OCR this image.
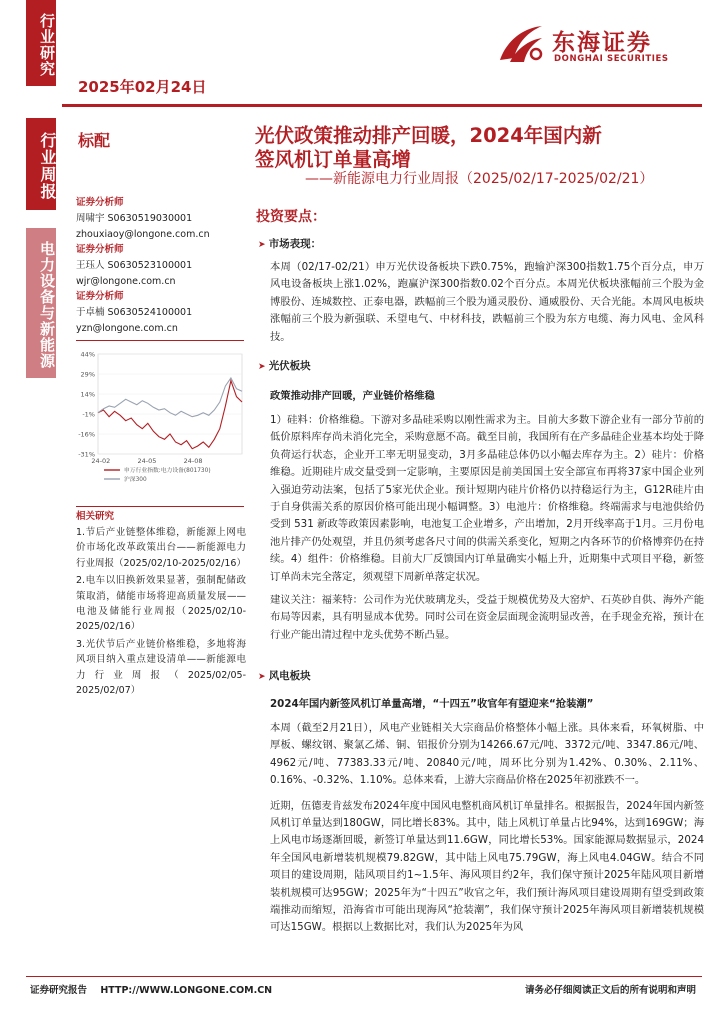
行业研究
行业周报
电力设备与新能源
2025年02月24日
东海证券
DONGHAI SECURITIES
标配	光伏政策推动排产回暖，2024年国内新
签风机订单量高增
——新能源电力行业周报（2025/02/17-2025/02/21）
证券分析师
周啸宇 S0630519030001
zhouxiaoy@longone.com.cn
证券分析师
王珏人 S0630523100001
wjr@longone.com.cn
证券分析师
于卓楠 S0630524100001
yzn@longone.com.cn
44%
29%
14%
-1%
-16%
-31%
24-02	24-05	24-08
申万行业指数:电力设备(801730)
沪深300
相关研究
1.节后产业链整体维稳，新能源上网电价市场化改革政策出台——新能源电力行业周报（2025/02/10-2025/02/16）
2.电车以旧换新效果显著，强制配储政策取消，储能市场将迎高质量发展——电池及储能行业周报（2025/02/10-2025/02/16）
3.光伏节后产业链价格维稳，多地将海风项目纳入重点建设清单——新能源电力行业周报（2025/02/05-2025/02/07）
投资要点：
➤ 市场表现：
本周（02/17-02/21）申万光伏设备板块下跌0.75%，跑输沪深300指数1.75个百分点，申万风电设备板块上涨1.02%，跑赢沪深300指数0.02个百分点。本周光伏板块涨幅前三个股为金博股份、连城数控、正泰电器，跌幅前三个股为通灵股份、通威股份、天合光能。本周风电板块涨幅前三个股为新强联、禾望电气、中材科技，跌幅前三个股为东方电缆、海力风电、金风科技。
➤ 光伏板块
政策推动排产回暖，产业链价格维稳
1）硅料：价格维稳。下游对多晶硅采购以刚性需求为主。目前大多数下游企业有一部分节前的低价原料库存尚未消化完全，采购意愿不高。截至目前，我国所有在产多晶硅企业基本均处于降负荷运行状态，企业开工率无明显变动，3月多晶硅总体仍以小幅去库存为主。2）硅片：价格维稳。近期硅片成交量受到一定影响，主要原因是前美国国土安全部宣布再将37家中国企业列入强迫劳动法案，包括了5家光伏企业。预计短期内硅片价格仍以持稳运行为主，G12R硅片由于自身供需关系的原因价格可能出现小幅调整。3）电池片：价格维稳。终端需求与电池供给仍受到 531 新政等政策因素影响，电池复工企业增多，产出增加，2月开线率高于1月。三月份电池片排产仍处观望，并且仍须考虑各尺寸间的供需关系变化，短期之内各环节的价格博弈仍在持续。4）组件：价格维稳。目前大厂反馈国内订单量确实小幅上升，近期集中式项目平稳，新签订单尚未完全落定，须观望下周新单落定状况。
建议关注：福莱特：公司作为光伏玻璃龙头，受益于规模优势及大窑炉、石英砂自供、海外产能布局等因素，具有明显成本优势。同时公司在资金层面现金流明显改善，在手现金充裕，预计在行业产能出清过程中龙头优势不断凸显。
➤ 风电板块
2024年国内新签风机订单量高增，“十四五”收官年有望迎来“抢装潮”
本周（截至2月21日），风电产业链相关大宗商品价格整体小幅上涨。具体来看，环氧树脂、中厚板、螺纹钢、聚氯乙烯、铜、铝报价分别为14266.67元/吨、3372元/吨、3347.86元/吨、4962元/吨、77383.33元/吨、20840元/吨，周环比分别为1.42%、0.30%、2.11%、0.16%、-0.32%、1.10%。总体来看，上游大宗商品价格在2025年初涨跌不一。
近期，伍德麦肯兹发布2024年度中国风电整机商风机订单量排名。根据报告，2024年国内新签风机订单量达到180GW，同比增长83%。其中，陆上风机订单量占比94%，达到169GW；海上风电市场逐渐回暖，新签订单量达到11.6GW，同比增长53%。国家能源局数据显示，2024年全国风电新增装机规模79.82GW，其中陆上风电75.79GW，海上风电4.04GW。结合不同项目的建设周期，陆风项目约1~1.5年、海风项目约2年，我们保守预计2025年陆风项目新增装机规模可达95GW；2025年为“十四五”收官之年，我们预计海风项目建设周期有望受到政策端推动而缩短，沿海省市可能出现海风“抢装潮”，我们保守预计2025年海风项目新增装机规模可达15GW。根据以上数据比对，我们认为2025年为风
证券研究报告 HTTP://WWW.LONGONE.COM.CN	请务必仔细阅读正文后的所有说明和声明
